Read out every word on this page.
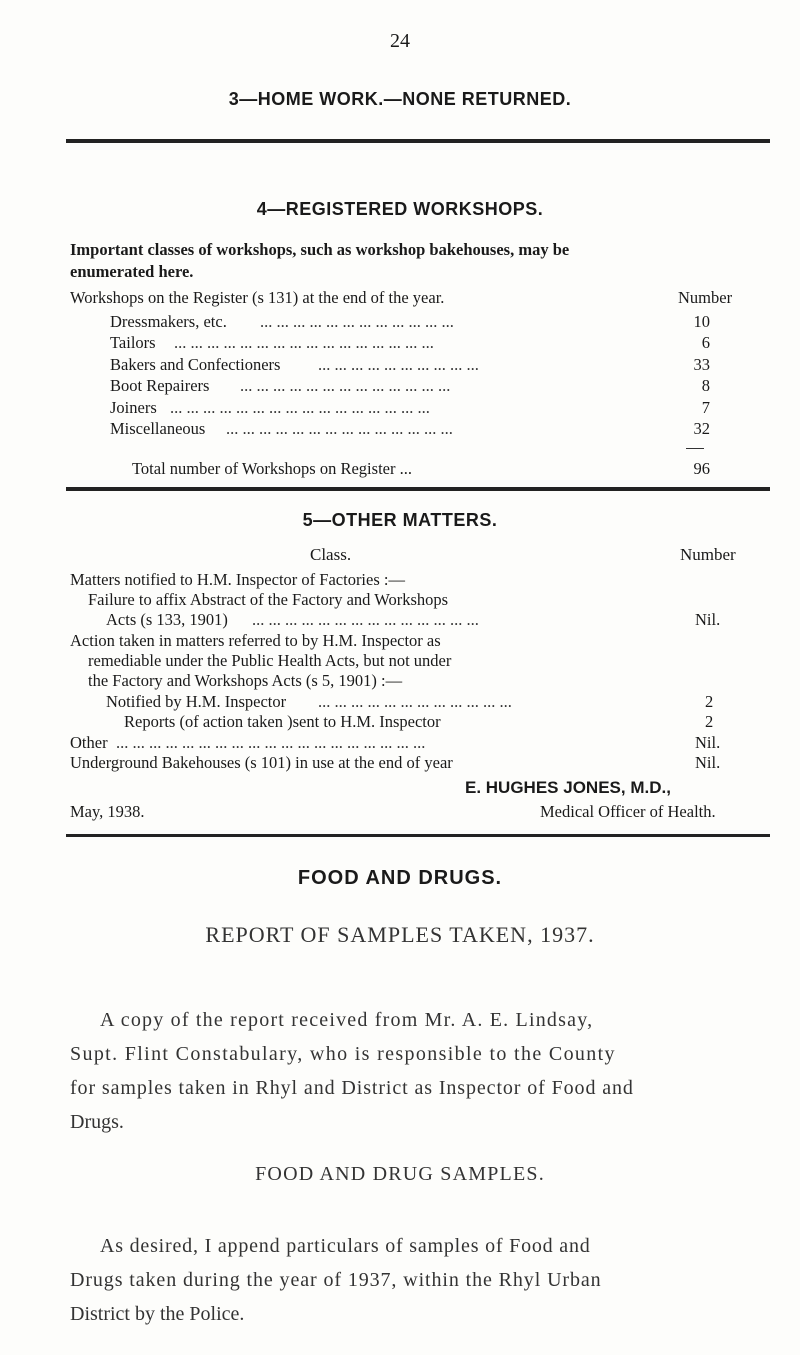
24
3—HOME WORK.—NONE RETURNED.
4—REGISTERED WORKSHOPS.
Important classes of workshops, such as workshop bakehouses, may be
enumerated here.
Workshops on the Register (s 131) at the end of the year.	Number
Dressmakers, etc. ... ... ... ... ... ... ... ... ... ... ... ...	10
Tailors ... ... ... ... ... ... ... ... ... ... ... ... ... ... ... ...	6
Bakers and Confectioners ... ... ... ... ... ... ... ... ... ...	33
Boot Repairers ... ... ... ... ... ... ... ... ... ... ... ... ...	8
Joiners ... ... ... ... ... ... ... ... ... ... ... ... ... ... ... ...	7
Miscellaneous ... ... ... ... ... ... ... ... ... ... ... ... ... ...	32
Total number of Workshops on Register ...	96
5—OTHER MATTERS.
Class.	Number
Matters notified to H.M. Inspector of Factories :—
Failure to affix Abstract of the Factory and Workshops
Acts (s 133, 1901) ... ... ... ... ... ... ... ... ... ... ... ... ... ...	Nil.
Action taken in matters referred to by H.M. Inspector as
remediable under the Public Health Acts, but not under
the Factory and Workshops Acts (s 5, 1901) :—
Notified by H.M. Inspector ... ... ... ... ... ... ... ... ... ... ... ...	2
Reports (of action taken )sent to H.M. Inspector	2
Other ... ... ... ... ... ... ... ... ... ... ... ... ... ... ... ... ... ... ...	Nil.
Underground Bakehouses (s 101) in use at the end of year	Nil.
E. HUGHES JONES, M.D.,
May, 1938.	Medical Officer of Health.
FOOD AND DRUGS.
REPORT OF SAMPLES TAKEN, 1937.
A copy of the report received from Mr. A. E. Lindsay,
Supt. Flint Constabulary, who is responsible to the County
for samples taken in Rhyl and District as Inspector of Food and
Drugs.
FOOD AND DRUG SAMPLES.
As desired, I append particulars of samples of Food and
Drugs taken during the year of 1937, within the Rhyl Urban
District by the Police.
